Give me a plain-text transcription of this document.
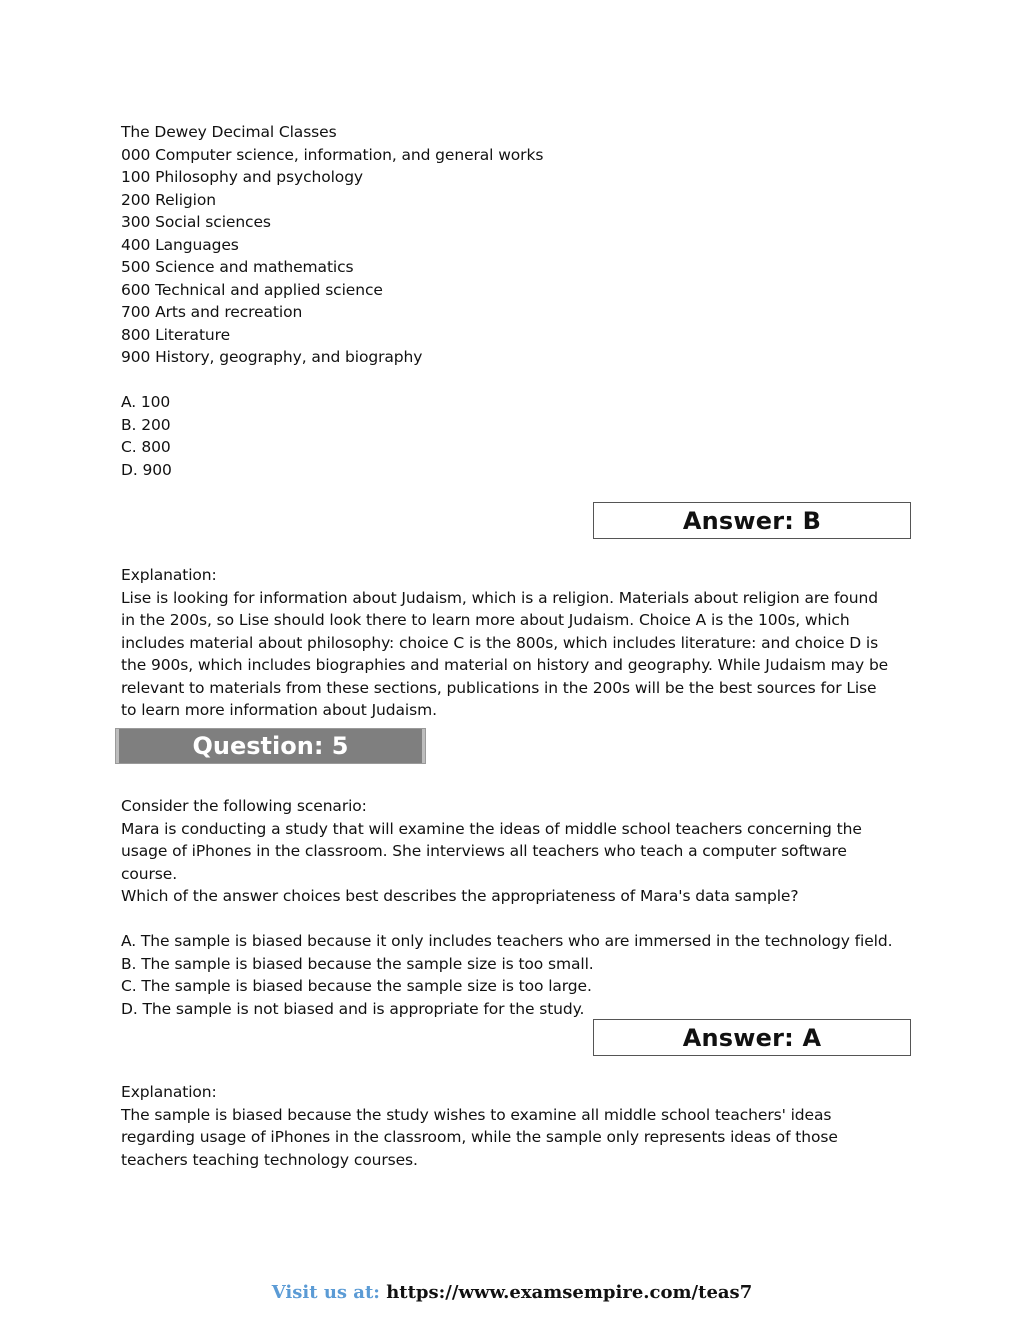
The Dewey Decimal Classes
000 Computer science, information, and general works
100 Philosophy and psychology
200 Religion
300 Social sciences
400 Languages
500 Science and mathematics
600 Technical and applied science
700 Arts and recreation
800 Literature
900 History, geography, and biography
A. 100
B. 200
C. 800
D. 900
Answer: B
Explanation:
Lise is looking for information about Judaism, which is a religion. Materials about religion are found in the 200s, so Lise should look there to learn more about Judaism. Choice A is the 100s, which includes material about philosophy: choice C is the 800s, which includes literature: and choice D is the 900s, which includes biographies and material on history and geography. While Judaism may be relevant to materials from these sections, publications in the 200s will be the best sources for Lise to learn more information about Judaism.
Question: 5
Consider the following scenario:
Mara is conducting a study that will examine the ideas of middle school teachers concerning the usage of iPhones in the classroom. She interviews all teachers who teach a computer software course.
Which of the answer choices best describes the appropriateness of Mara's data sample?
A. The sample is biased because it only includes teachers who are immersed in the technology field.
B. The sample is biased because the sample size is too small.
C. The sample is biased because the sample size is too large.
D. The sample is not biased and is appropriate for the study.
Answer: A
Explanation:
The sample is biased because the study wishes to examine all middle school teachers' ideas regarding usage of iPhones in the classroom, while the sample only represents ideas of those teachers teaching technology courses.
Visit us at: https://www.examsempire.com/teas7
